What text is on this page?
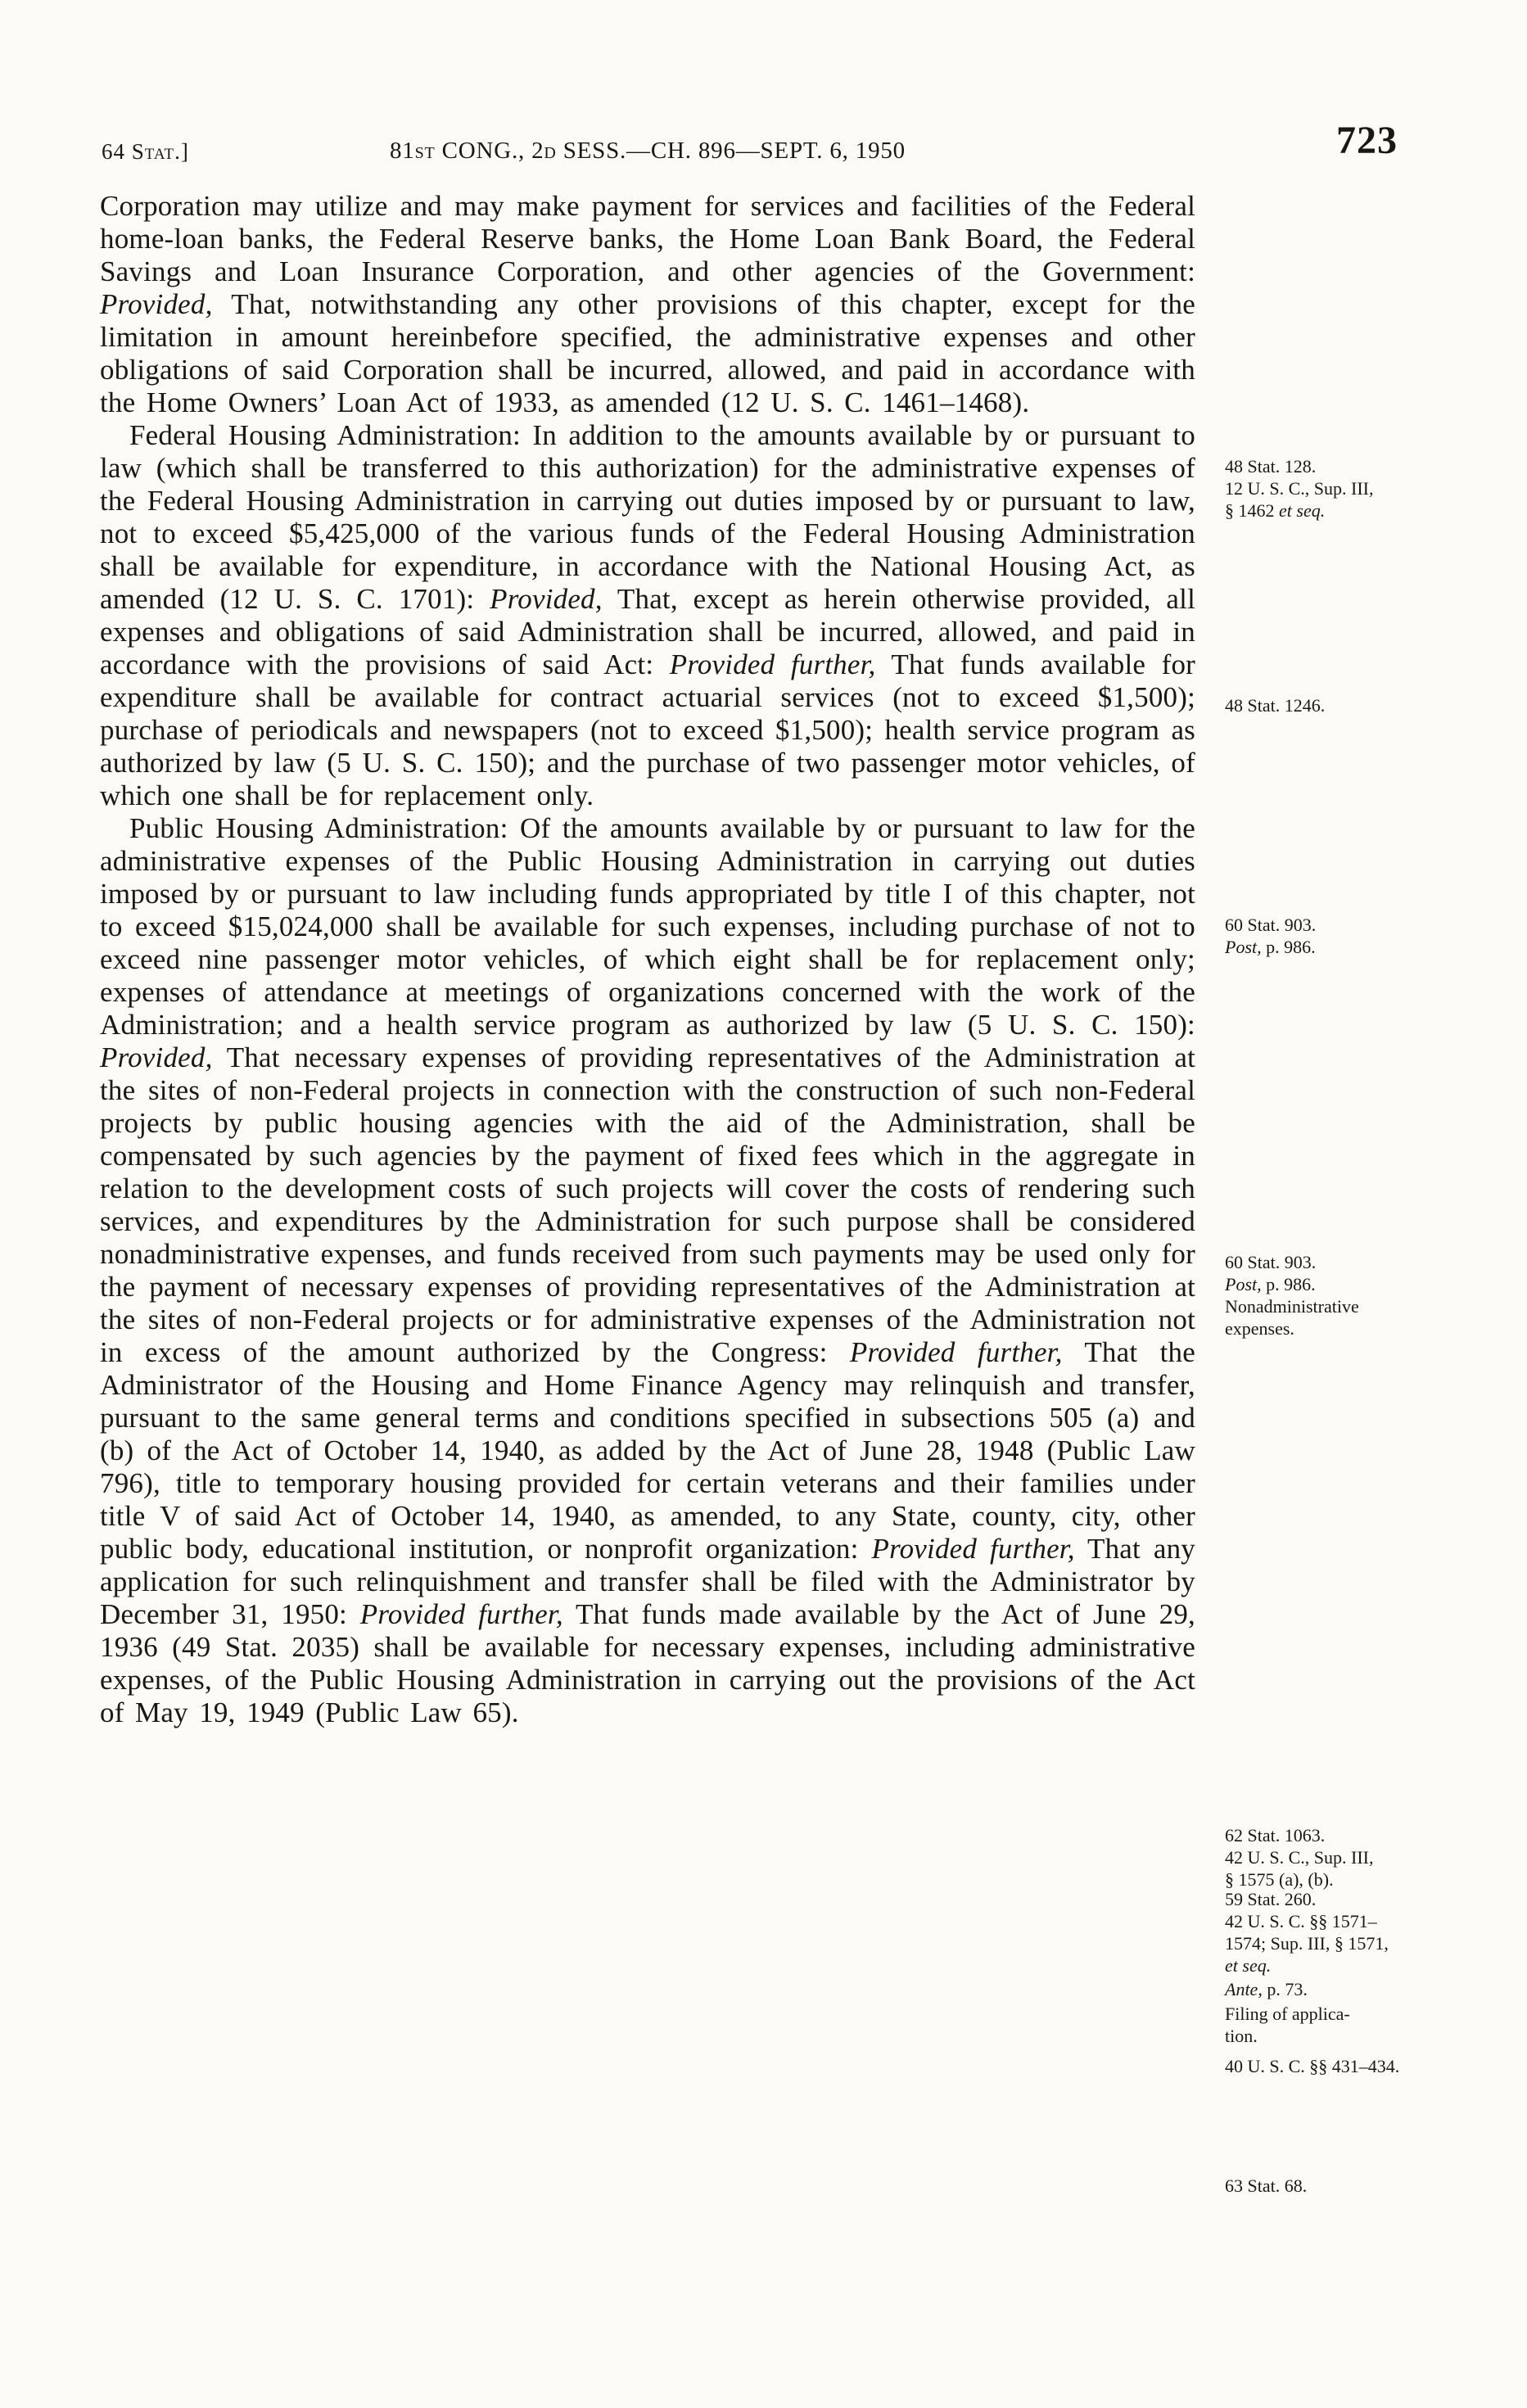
64 Stat.]	81st CONG., 2d SESS.—CH. 896—SEPT. 6, 1950	723

Corporation may utilize and may make payment for services and facilities of the Federal home-loan banks, the Federal Reserve banks, the Home Loan Bank Board, the Federal Savings and Loan Insurance Corporation, and other agencies of the Government: Provided, That, notwithstanding any other provisions of this chapter, except for the limitation in amount hereinbefore specified, the administrative expenses and other obligations of said Corporation shall be incurred, allowed, and paid in accordance with the Home Owners’ Loan Act of 1933, as amended (12 U. S. C. 1461–1468).

Federal Housing Administration: In addition to the amounts available by or pursuant to law (which shall be transferred to this authorization) for the administrative expenses of the Federal Housing Administration in carrying out duties imposed by or pursuant to law, not to exceed $5,425,000 of the various funds of the Federal Housing Administration shall be available for expenditure, in accordance with the National Housing Act, as amended (12 U. S. C. 1701): Provided, That, except as herein otherwise provided, all expenses and obligations of said Administration shall be incurred, allowed, and paid in accordance with the provisions of said Act: Provided further, That funds available for expenditure shall be available for contract actuarial services (not to exceed $1,500); purchase of periodicals and newspapers (not to exceed $1,500); health service program as authorized by law (5 U. S. C. 150); and the purchase of two passenger motor vehicles, of which one shall be for replacement only.

Public Housing Administration: Of the amounts available by or pursuant to law for the administrative expenses of the Public Housing Administration in carrying out duties imposed by or pursuant to law including funds appropriated by title I of this chapter, not to exceed $15,024,000 shall be available for such expenses, including purchase of not to exceed nine passenger motor vehicles, of which eight shall be for replacement only; expenses of attendance at meetings of organizations concerned with the work of the Administration; and a health service program as authorized by law (5 U. S. C. 150): Provided, That necessary expenses of providing representatives of the Administration at the sites of non-Federal projects in connection with the construction of such non-Federal projects by public housing agencies with the aid of the Administration, shall be compensated by such agencies by the payment of fixed fees which in the aggregate in relation to the development costs of such projects will cover the costs of rendering such services, and expenditures by the Administration for such purpose shall be considered nonadministrative expenses, and funds received from such payments may be used only for the payment of necessary expenses of providing representatives of the Administration at the sites of non-Federal projects or for administrative expenses of the Administration not in excess of the amount authorized by the Congress: Provided further, That the Administrator of the Housing and Home Finance Agency may relinquish and transfer, pursuant to the same general terms and conditions specified in subsections 505 (a) and (b) of the Act of October 14, 1940, as added by the Act of June 28, 1948 (Public Law 796), title to temporary housing provided for certain veterans and their families under title V of said Act of October 14, 1940, as amended, to any State, county, city, other public body, educational institution, or nonprofit organization: Provided further, That any application for such relinquishment and transfer shall be filed with the Administrator by December 31, 1950: Provided further, That funds made available by the Act of June 29, 1936 (49 Stat. 2035) shall be available for necessary expenses, including administrative expenses, of the Public Housing Administration in carrying out the provisions of the Act of May 19, 1949 (Public Law 65).

48 Stat. 128.
12 U. S. C., Sup. III,
§ 1462 et seq.
48 Stat. 1246.
60 Stat. 903.
Post, p. 986.
60 Stat. 903.
Post, p. 986.
Nonadministrative
expenses.
62 Stat. 1063.
42 U. S. C., Sup. III,
§ 1575 (a), (b).
59 Stat. 260.
42 U. S. C. §§ 1571–
1574; Sup. III, § 1571,
et seq.
Ante, p. 73.
Filing of applica-
tion.
40 U. S. C. §§ 431–434.
63 Stat. 68.
